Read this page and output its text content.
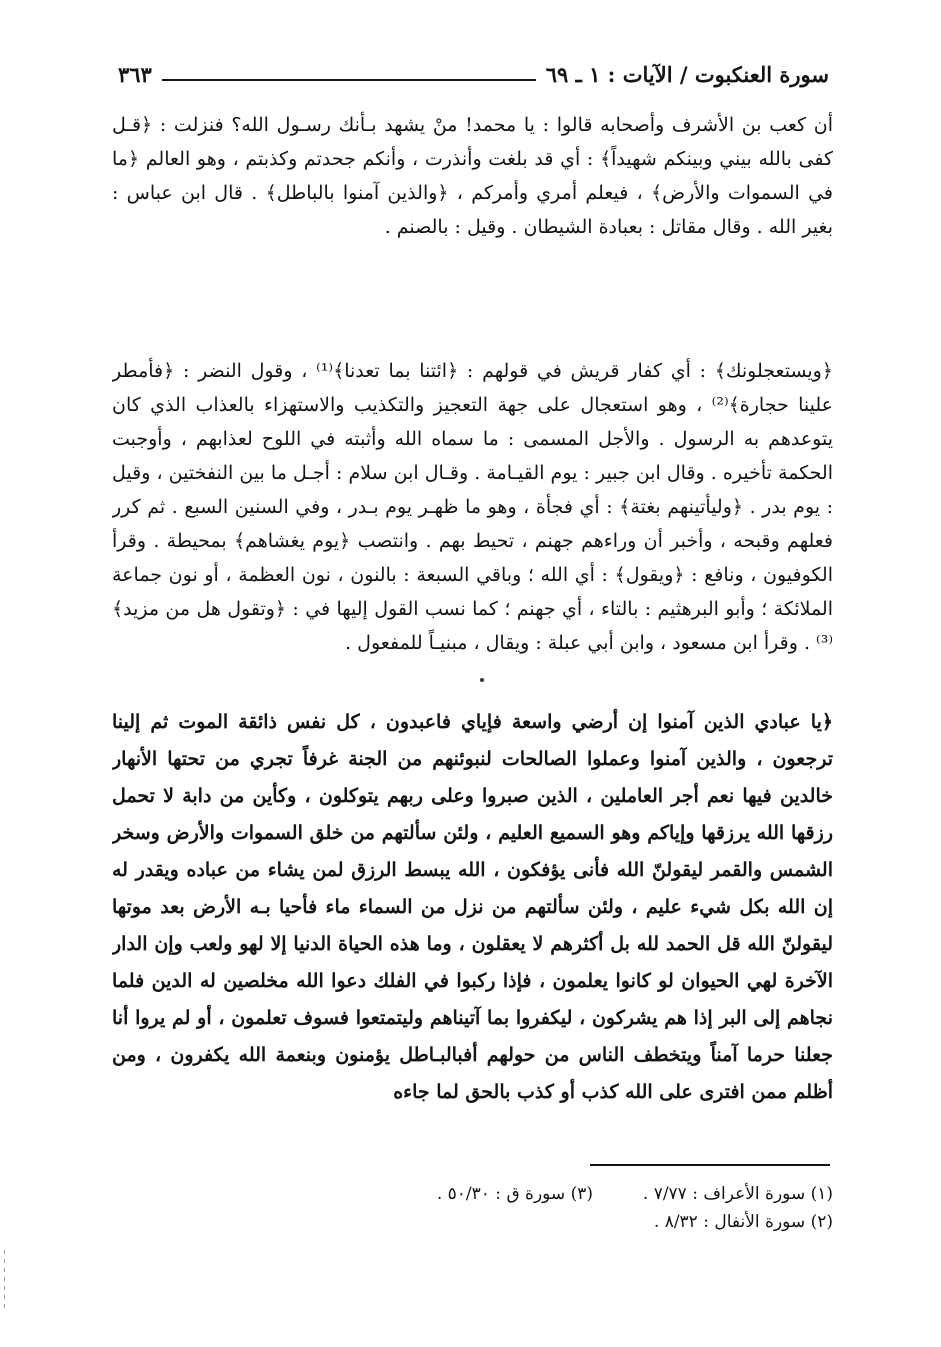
سورة العنكبوت / الآيات : ١ ـ ٦٩
٣٦٣
أن كعب بن الأشرف وأصحابه قالوا : يا محمد! منْ يشهد بـأنك رسـول الله؟ فنزلت : ﴿قـل كفى بالله بيني وبينكم شهيداً﴾ : أي قد بلغت وأنذرت ، وأنكم جحدتم وكذبتم ، وهو العالم ﴿ما في السموات والأرض﴾ ، فيعلم أمري وأمركم ، ﴿والذين آمنوا بالباطل﴾ . قال ابن عباس : بغير الله . وقال مقاتل : بعبادة الشيطان . وقيل : بالصنم .
﴿ويستعجلونك﴾ : أي كفار قريش في قولهم : ﴿ائتنا بما تعدنا﴾⁽¹⁾ ، وقول النضر : ﴿فأمطر علينا حجارة﴾⁽²⁾ ، وهو استعجال على جهة التعجيز والتكذيب والاستهزاء بالعذاب الذي كان يتوعدهم به الرسول . والأجل المسمى : ما سماه الله وأثبته في اللوح لعذابهم ، وأوجبت الحكمة تأخيره . وقال ابن جبير : يوم القيـامة . وقـال ابن سلام : أجـل ما بين النفختين ، وقيل : يوم بدر . ﴿وليأتينهم بغتة﴾ : أي فجأة ، وهو ما ظهـر يوم بـدر ، وفي السنين السبع . ثم كرر فعلهم وقبحه ، وأخبر أن وراءهم جهنم ، تحيط بهم . وانتصب ﴿يوم يغشاهم﴾ بمحيطة . وقرأ الكوفيون ، ونافع : ﴿ويقول﴾ : أي الله ؛ وباقي السبعة : بالنون ، نون العظمة ، أو نون جماعة الملائكة ؛ وأبو البرهثيم : بالتاء ، أي جهنم ؛ كما نسب القول إليها في : ﴿وتقول هل من مزيد﴾⁽³⁾ . وقرأ ابن مسعود ، وابن أبي عبلة : ويقال ، مبنيـاً للمفعول .
﴿يا عبادي الذين آمنوا إن أرضي واسعة فإياي فاعبدون ، كل نفس ذائقة الموت ثم إلينا ترجعون ، والذين آمنوا وعملوا الصالحات لنبوئنهم من الجنة غرفاً تجري من تحتها الأنهار خالدين فيها نعم أجر العاملين ، الذين صبروا وعلى ربهم يتوكلون ، وكأين من دابة لا تحمل رزقها الله يرزقها وإياكم وهو السميع العليم ، ولئن سألتهم من خلق السموات والأرض وسخر الشمس والقمر ليقولنّ الله فأنى يؤفكون ، الله يبسط الرزق لمن يشاء من عباده ويقدر له إن الله بكل شيء عليم ، ولئن سألتهم من نزل من السماء ماء فأحيا بـه الأرض بعد موتها ليقولنّ الله قل الحمد لله بل أكثرهم لا يعقلون ، وما هذه الحياة الدنيا إلا لهو ولعب وإن الدار الآخرة لهي الحيوان لو كانوا يعلمون ، فإذا ركبوا في الفلك دعوا الله مخلصين له الدين فلما نجاهم إلى البر إذا هم يشركون ، ليكفروا بما آتيناهم وليتمتعوا فسوف تعلمون ، أو لم يروا أنا جعلنا حرما آمناً ويتخطف الناس من حولهم أفبالبـاطل يؤمنون وبنعمة الله يكفرون ، ومن أظلم ممن افترى على الله كذب أو كذب بالحق لما جاءه
(١) سورة الأعراف : ٧/٧٧ .
(٣) سورة ق : ٥٠/٣٠ .
(٢) سورة الأنفال : ٨/٣٢ .
